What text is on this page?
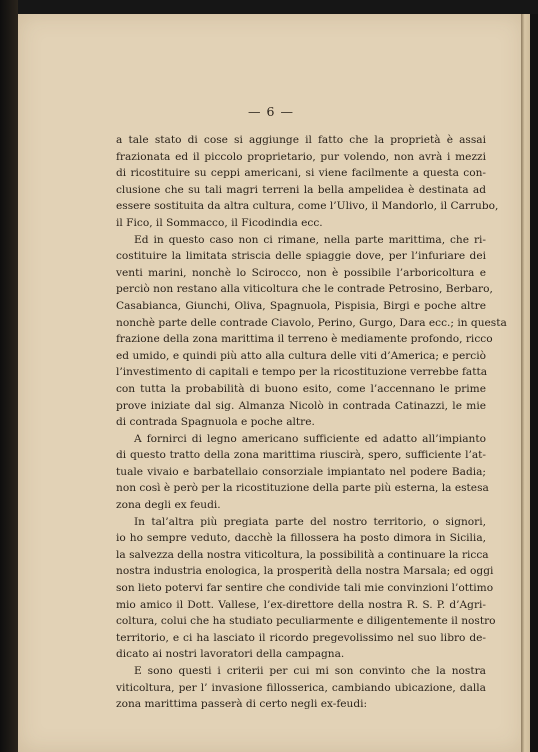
— 6 —
a tale stato di cose si aggiunge il fatto che la proprietà è assai
frazionata ed il piccolo proprietario, pur volendo, non avrà i mezzi
di ricostituire su ceppi americani, si viene facilmente a questa con-
clusione che su tali magri terreni la bella ampelidea è destinata ad
essere sostituita da altra cultura, come l’Ulivo, il Mandorlo, il Carrubo,
il Fico, il Sommacco, il Ficodindia ecc.
Ed in questo caso non ci rimane, nella parte marittima, che ri-
costituire la limitata striscia delle spiaggie dove, per l’infuriare dei
venti marini, nonchè lo Scirocco, non è possibile l’arboricoltura e
perciò non restano alla viticoltura che le contrade Petrosino, Berbaro,
Casabianca, Giunchi, Oliva, Spagnuola, Pispisia, Birgi e poche altre
nonchè parte delle contrade Ciavolo, Perino, Gurgo, Dara ecc.; in questa
frazione della zona marittima il terreno è mediamente profondo, ricco
ed umido, e quindi più atto alla cultura delle viti d’America; e perciò
l’investimento di capitali e tempo per la ricostituzione verrebbe fatta
con tutta la probabilità di buono esito, come l’accennano le prime
prove iniziate dal sig. Almanza Nicolò in contrada Catinazzi, le mie
di contrada Spagnuola e poche altre.
A fornirci di legno americano sufficiente ed adatto all’impianto
di questo tratto della zona marittima riuscirà, spero, sufficiente l’at-
tuale vivaio e barbatellaio consorziale impiantato nel podere Badia;
non così è però per la ricostituzione della parte più esterna, la estesa
zona degli ex feudi.
In tal’altra più pregiata parte del nostro territorio, o signori,
io ho sempre veduto, dacchè la fillossera ha posto dimora in Sicilia,
la salvezza della nostra viticoltura, la possibilità a continuare la ricca
nostra industria enologica, la prosperità della nostra Marsala; ed oggi
son lieto potervi far sentire che condivide tali mie convinzioni l’ottimo
mio amico il Dott. Vallese, l’ex-direttore della nostra R. S. P. d’Agri-
coltura, colui che ha studiato peculiarmente e diligentemente il nostro
territorio, e ci ha lasciato il ricordo pregevolissimo nel suo libro de-
dicato ai nostri lavoratori della campagna.
E sono questi i criterii per cui mi son convinto che la nostra
viticoltura, per l’ invasione fillosserica, cambiando ubicazione, dalla
zona marittima passerà di certo negli ex-feudi:
